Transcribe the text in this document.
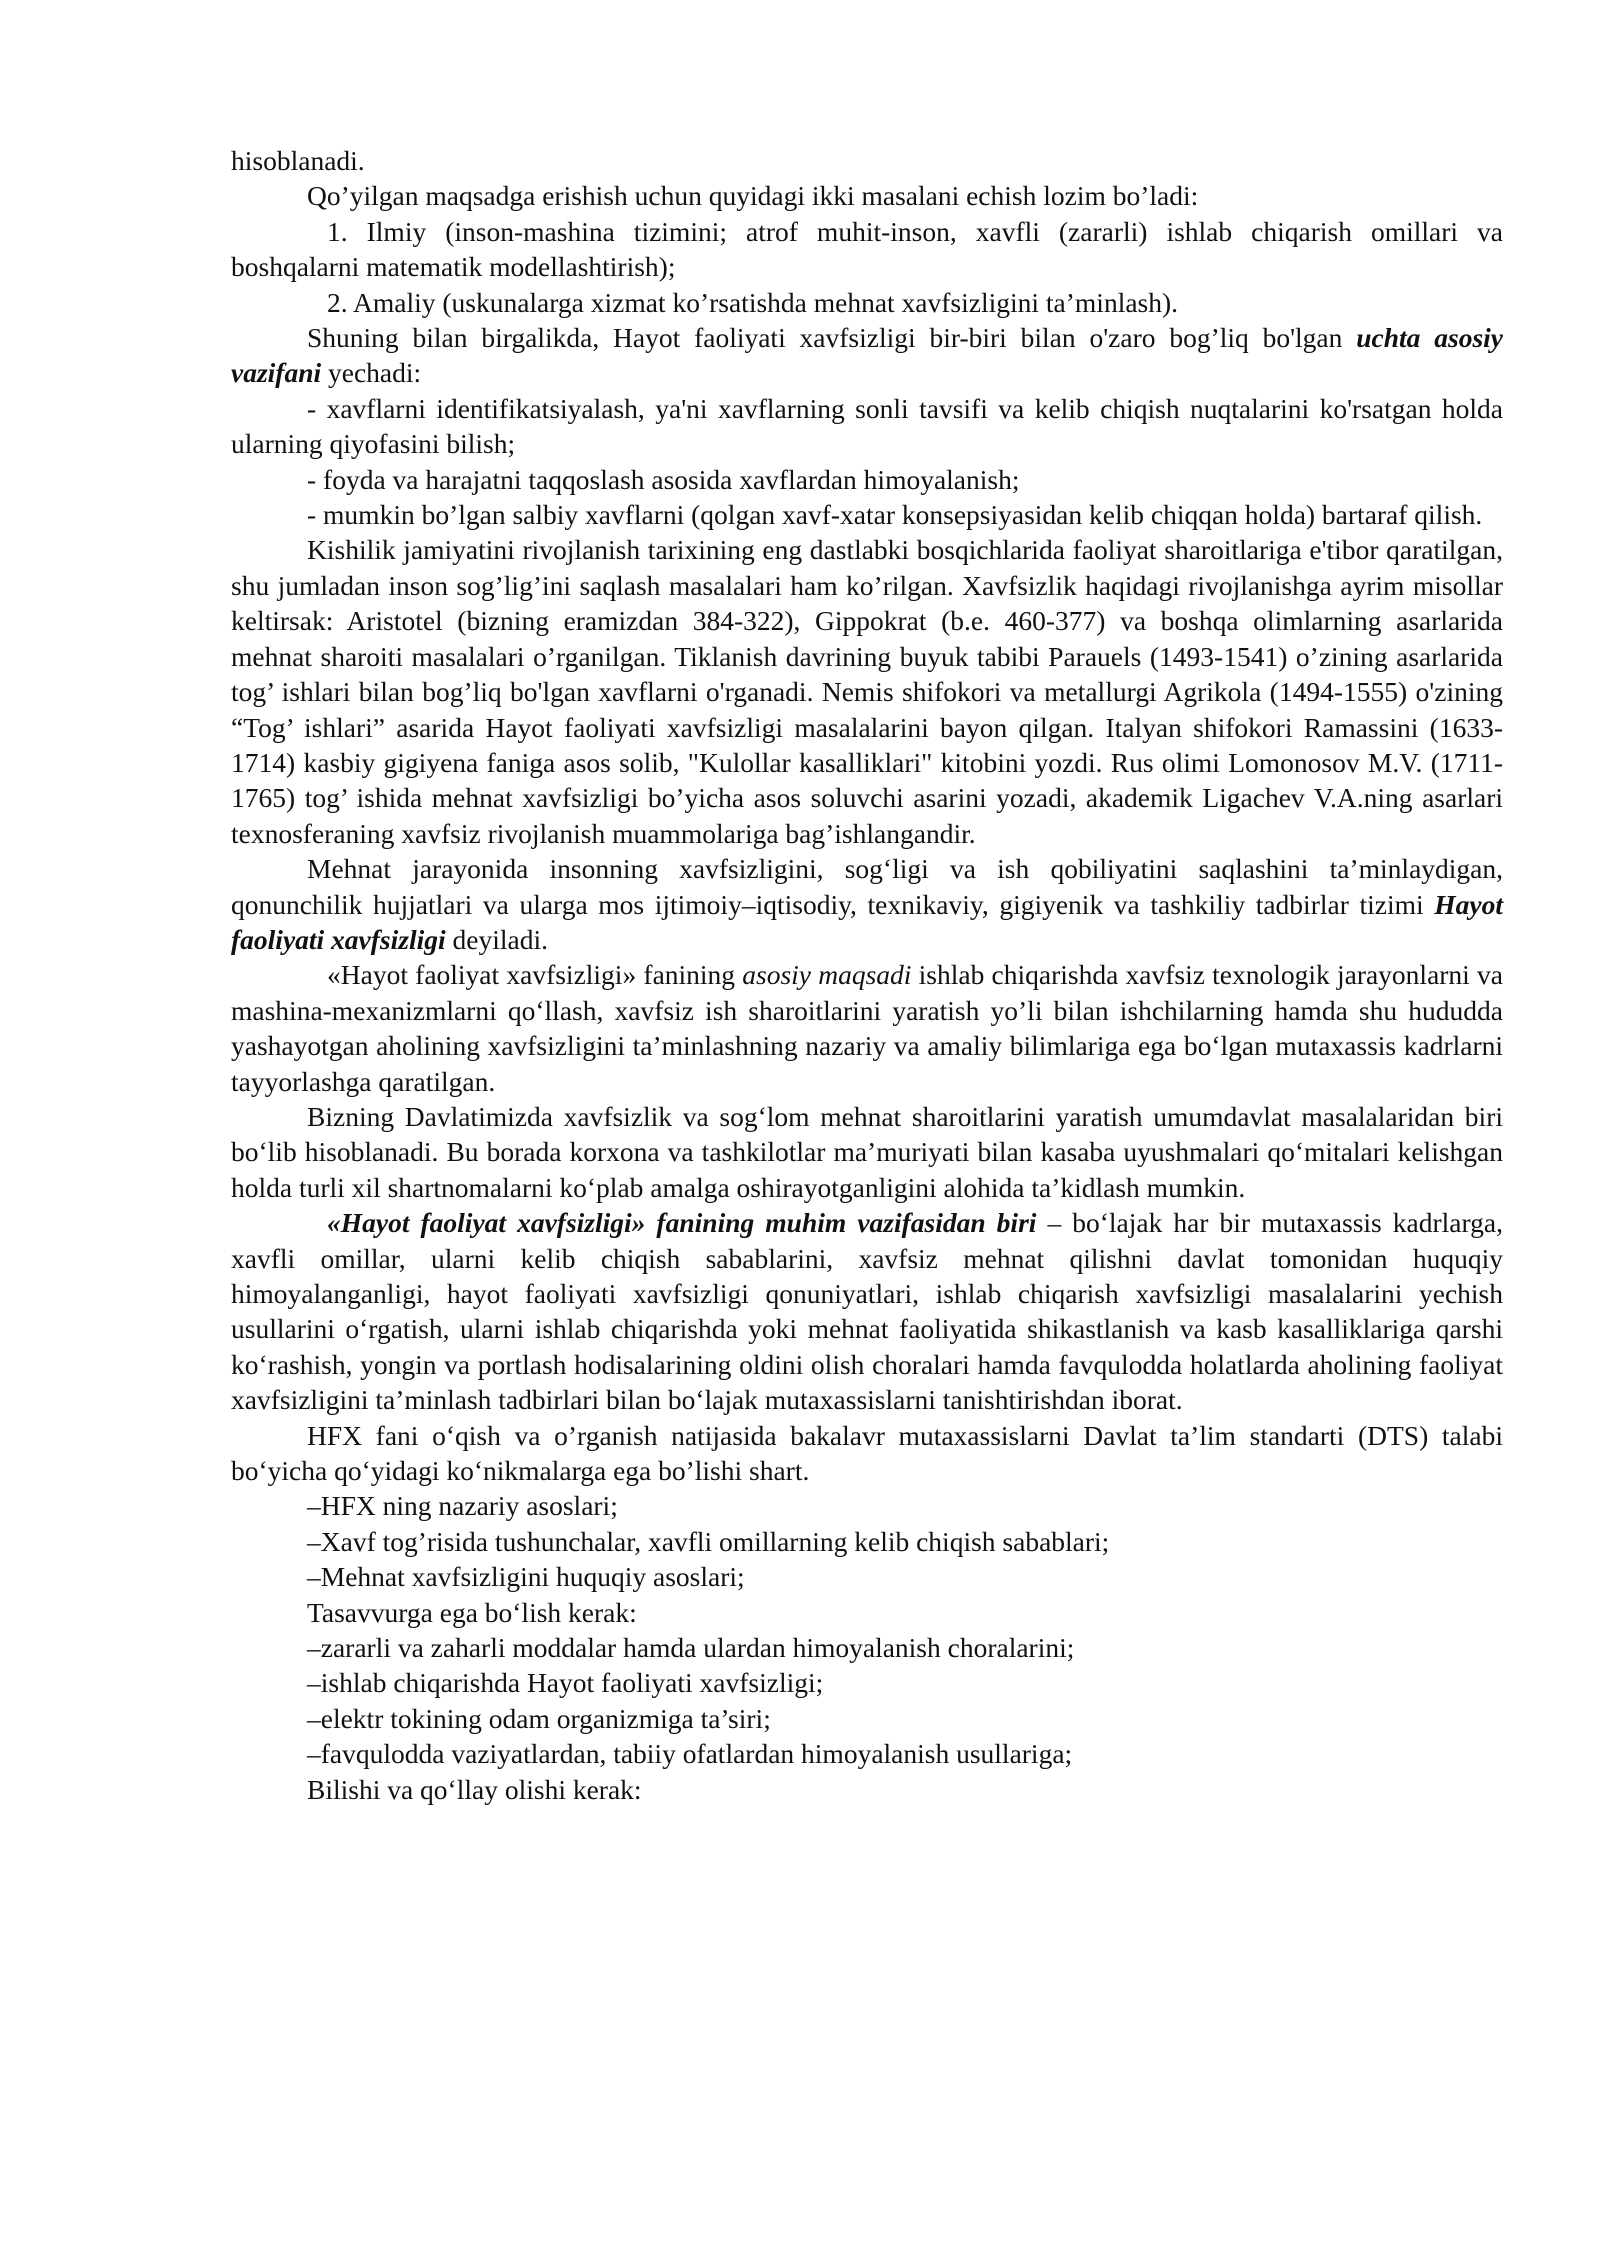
hisoblanadi.

Qo’yilgan maqsadga erishish uchun quyidagi ikki masalani echish lozim bo’ladi:

1. Ilmiy (inson-mashina tizimini; atrof muhit-inson, xavfli (zararli) ishlab chiqarish omillari va boshqalarni matematik modellashtirish);

2. Amaliy (uskunalarga xizmat ko’rsatishda mehnat xavfsizligini ta’minlash).

Shuning bilan birgalikda, Hayot faoliyati xavfsizligi bir-biri bilan o'zaro bog’liq bo'lgan uchta asosiy vazifani yechadi:

- xavflarni identifikatsiyalash, ya'ni xavflarning sonli tavsifi va kelib chiqish nuqtalarini ko'rsatgan holda ularning qiyofasini bilish;

- foyda va harajatni taqqoslash asosida xavflardan himoyalanish;

- mumkin bo’lgan salbiy xavflarni (qolgan xavf-xatar konsepsiyasidan kelib chiqqan holda) bartaraf qilish.

Kishilik jamiyatini rivojlanish tarixining eng dastlabki bosqichlarida faoliyat sharoitlariga e'tibor qaratilgan, shu jumladan inson sog’lig’ini saqlash masalalari ham ko’rilgan. Xavfsizlik haqidagi rivojlanishga ayrim misollar keltirsak: Aristotel (bizning eramizdan 384-322), Gippokrat (b.e. 460-377) va boshqa olimlarning asarlarida mehnat sharoiti masalalari o’rganilgan. Tiklanish davrining buyuk tabibi Parauels (1493-1541) o’zining asarlarida tog’ ishlari bilan bog’liq bo'lgan xavflarni o'rganadi. Nemis shifokori va metallurgi Agrikola (1494-1555) o'zining “Tog’ ishlari” asarida Hayot faoliyati xavfsizligi masalalarini bayon qilgan. Italyan shifokori Ramassini (1633-1714) kasbiy gigiyena faniga asos solib, "Kulollar kasalliklari" kitobini yozdi. Rus olimi Lomonosov M.V. (1711-1765) tog’ ishida mehnat xavfsizligi bo’yicha asos soluvchi asarini yozadi, akademik Ligachev V.A.ning asarlari texnosferaning xavfsiz rivojlanish muammolariga bag’ishlangandir.

Mehnat jarayonida insonning xavfsizligini, sog‘ligi va ish qobiliyatini saqlashini ta’minlaydigan, qonunchilik hujjatlari va ularga mos ijtimoiy–iqtisodiy, texnikaviy, gigiyenik va tashkiliy tadbirlar tizimi Hayot faoliyati xavfsizligi deyiladi.

«Hayot faoliyat xavfsizligi» fanining asosiy maqsadi ishlab chiqarishda xavfsiz texnologik jarayonlarni va mashina-mexanizmlarni qo‘llash, xavfsiz ish sharoitlarini yaratish yo’li bilan ishchilarning hamda shu hududda yashayotgan aholining xavfsizligini ta’minlashning nazariy va amaliy bilimlariga ega bo‘lgan mutaxassis kadrlarni tayyorlashga qaratilgan.

Bizning Davlatimizda xavfsizlik va sog‘lom mehnat sharoitlarini yaratish umumdavlat masalalaridan biri bo‘lib hisoblanadi. Bu borada korxona va tashkilotlar ma’muriyati bilan kasaba uyushmalari qo‘mitalari kelishgan holda turli xil shartnomalarni ko‘plab amalga oshirayotganligini alohida ta’kidlash mumkin.

«Hayot faoliyat xavfsizligi» fanining muhim vazifasidan biri – bo‘lajak har bir mutaxassis kadrlarga, xavfli omillar, ularni kelib chiqish sabablarini, xavfsiz mehnat qilishni davlat tomonidan huquqiy himoyalanganligi, hayot faoliyati xavfsizligi qonuniyatlari, ishlab chiqarish xavfsizligi masalalarini yechish usullarini o‘rgatish, ularni ishlab chiqarishda yoki mehnat faoliyatida shikastlanish va kasb kasalliklariga qarshi ko‘rashish, yongin va portlash hodisalarining oldini olish choralari hamda favqulodda holatlarda aholining faoliyat xavfsizligini ta’minlash tadbirlari bilan bo‘lajak mutaxassislarni tanishtirishdan iborat.

HFX fani o‘qish va o’rganish natijasida bakalavr mutaxassislarni Davlat ta’lim standarti (DTS) talabi bo‘yicha qo‘yidagi ko‘nikmalarga ega bo’lishi shart.

–HFX ning nazariy asoslari;

–Xavf tog’risida tushunchalar, xavfli omillarning kelib chiqish sabablari;

–Mehnat xavfsizligini huquqiy asoslari;

Tasavvurga ega bo‘lish kerak:

–zararli va zaharli moddalar hamda ulardan himoyalanish choralarini;

–ishlab chiqarishda Hayot faoliyati xavfsizligi;

–elektr tokining odam organizmiga ta’siri;

–favqulodda vaziyatlardan, tabiiy ofatlardan himoyalanish usullariga;

Bilishi va qo‘llay olishi kerak:
